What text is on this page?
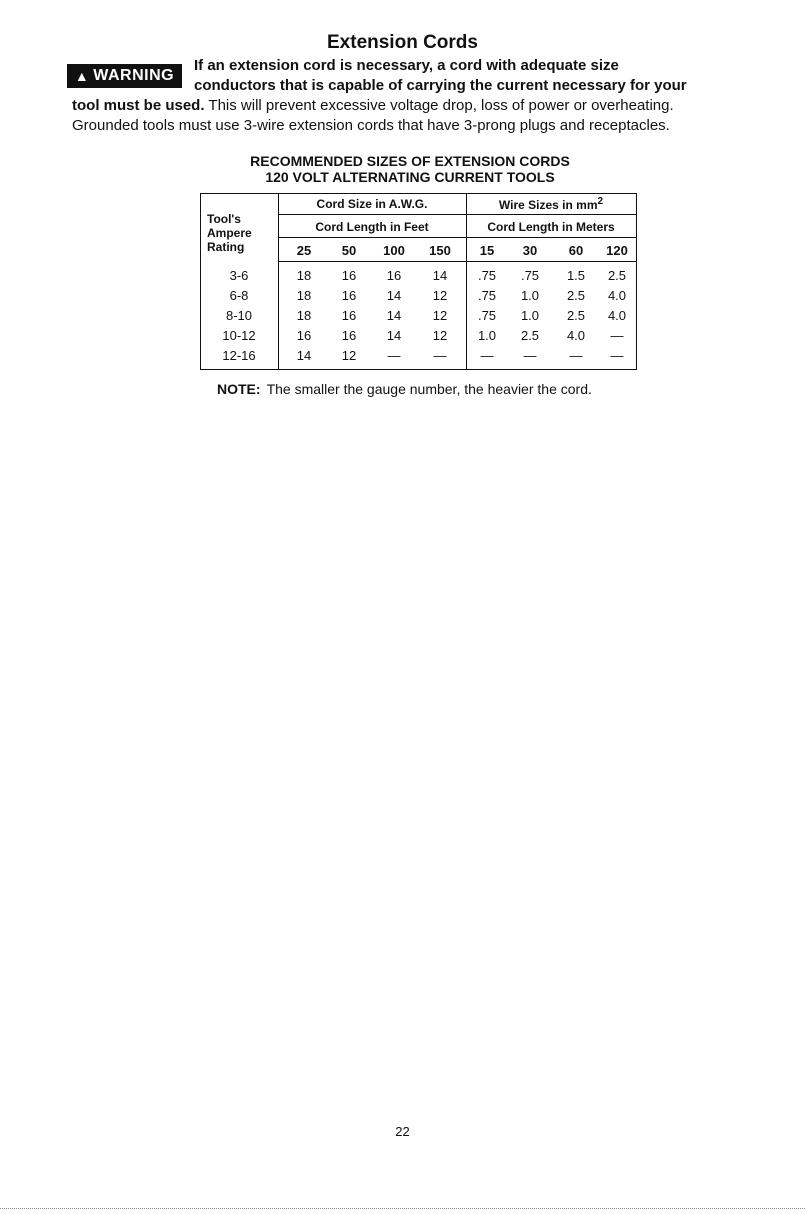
Extension Cords
▲ WARNING
If an extension cord is necessary, a cord with adequate size
conductors that is capable of carrying the current necessary for your
tool must be used. This will prevent excessive voltage drop, loss of power or overheating.
Grounded tools must use 3-wire extension cords that have 3-prong plugs and receptacles.
RECOMMENDED SIZES OF EXTENSION CORDS
120 VOLT ALTERNATING CURRENT TOOLS
Tool's
Ampere
Rating
Cord Size in A.W.G.
Cord Length in Feet
Wire Sizes in $mm^2$
Cord Length in Meters
25	50	100	150	15	30	60	120
3-6	18	16	16	14	.75	.75	1.5	2.5
6-8	18	16	14	12	.75	1.0	2.5	4.0
8-10	18	16	14	12	.75	1.0	2.5	4.0
10-12	16	16	14	12	1.0	2.5	4.0	—
12-16	14	12	—	—	—	—	—	—
NOTE: The smaller the gauge number, the heavier the cord.
22
